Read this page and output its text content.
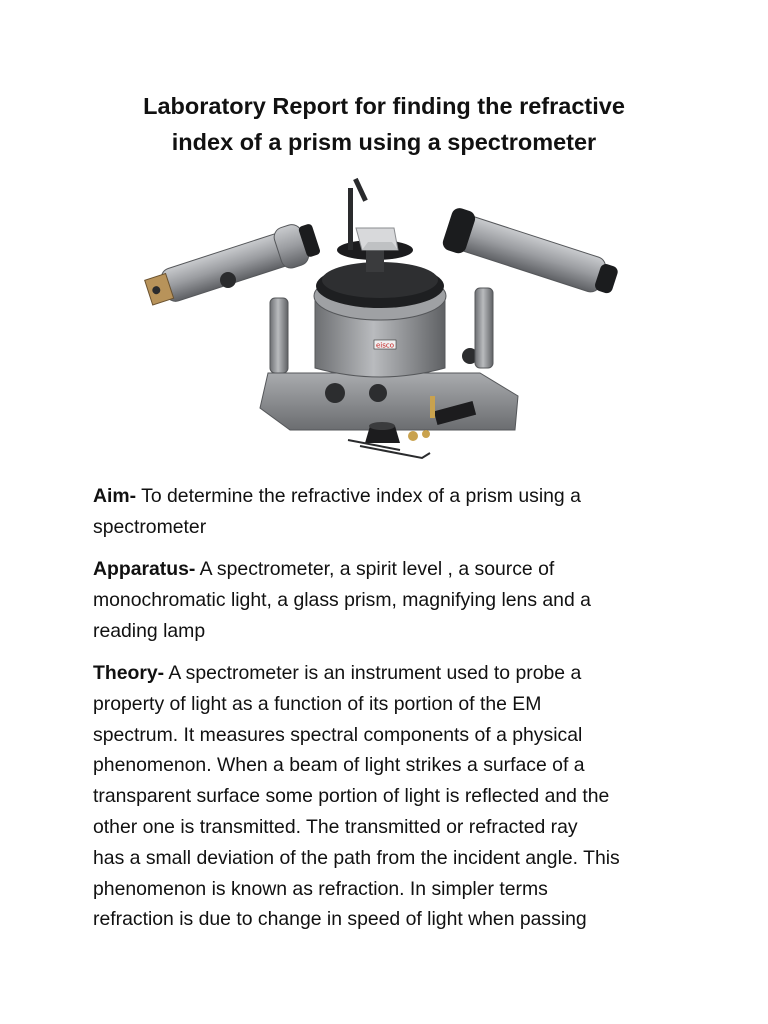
Laboratory Report for finding the refractive
index of a prism using a spectrometer
eisco

Aim- To determine the refractive index of a prism using a
spectrometer

Apparatus- A spectrometer, a spirit level , a source of
monochromatic light, a glass prism, magnifying lens and a
reading lamp

Theory- A spectrometer is an instrument used to probe a
property of light as a function of its portion of the EM
spectrum. It measures spectral components of a physical
phenomenon. When a beam of light strikes a surface of a
transparent surface some portion of light is reflected and the
other one is transmitted. The transmitted or refracted ray
has a small deviation of the path from the incident angle. This
phenomenon is known as refraction. In simpler terms
refraction is due to change in speed of light when passing
